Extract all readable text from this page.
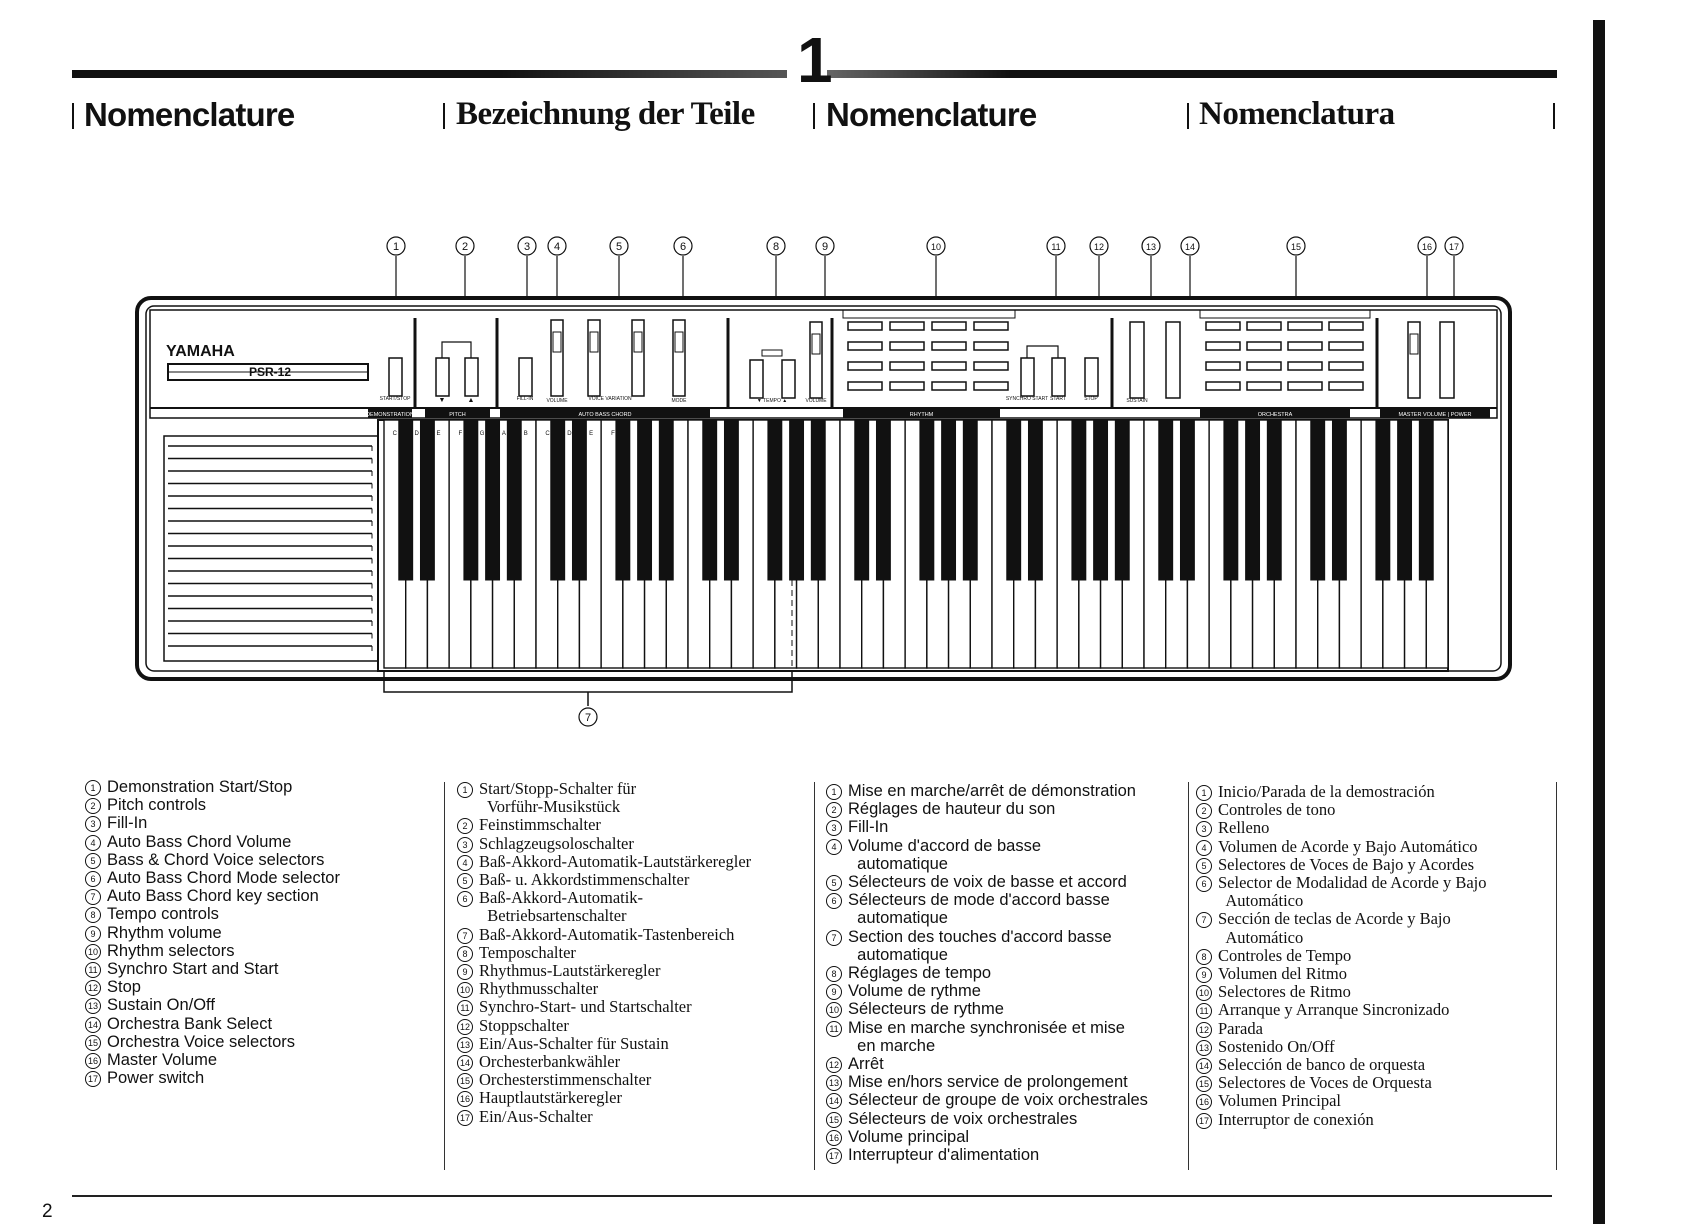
1
Nomenclature	Bezeichnung der Teile Nomenclature	Nomenclatura
1	2	3 4	5	6	8	9	10	11	12	13	14	15	16 17
YAMAHA
PSR-12
START/STOP
DEMONSTRATION
▼	▲
PITCH
FILL-IN	VOLUME	VOICE VARIATION	MODE
AUTO BASS CHORD
▼ TEMPO ▲	VOLUME
RHYTHM
SYNCHRO START START	STOP	SUSTAIN
ORCHESTRA	MASTER VOLUME | POWER
C	D	E	F	G	A	B	C	D	E	F
7
1 Demonstration Start/Stop
2 Pitch controls
3 Fill-In
4 Auto Bass Chord Volume
5 Bass & Chord Voice selectors
6 Auto Bass Chord Mode selector
7 Auto Bass Chord key section
8 Tempo controls
9 Rhythm volume
10 Rhythm selectors
11 Synchro Start and Start
12 Stop
13 Sustain On/Off
14 Orchestra Bank Select
15 Orchestra Voice selectors
16 Master Volume
17 Power switch
1 Start/Stopp-Schalter für
Vorführ-Musikstück
2 Feinstimmschalter
3 Schlagzeugsoloschalter
4 Baß-Akkord-Automatik-Lautstärkeregler
5 Baß- u. Akkordstimmenschalter
6 Baß-Akkord-Automatik-
Betriebsartenschalter
7 Baß-Akkord-Automatik-Tastenbereich
8 Temposchalter
9 Rhythmus-Lautstärkeregler
10 Rhythmusschalter
11 Synchro-Start- und Startschalter
12 Stoppschalter
13 Ein/Aus-Schalter für Sustain
14 Orchesterbankwähler
15 Orchesterstimmenschalter
16 Hauptlautstärkeregler
17 Ein/Aus-Schalter
1 Mise en marche/arrêt de démonstration
2 Réglages de hauteur du son
3 Fill-In
4 Volume d'accord de basse
automatique
5 Sélecteurs de voix de basse et accord
6 Sélecteurs de mode d'accord basse
automatique
7 Section des touches d'accord basse
automatique
8 Réglages de tempo
9 Volume de rythme
10 Sélecteurs de rythme
11 Mise en marche synchronisée et mise
en marche
12 Arrêt
13 Mise en/hors service de prolongement
14 Sélecteur de groupe de voix orchestrales
15 Sélecteurs de voix orchestrales
16 Volume principal
17 Interrupteur d'alimentation
1 Inicio/Parada de la demostración
2 Controles de tono
3 Relleno
4 Volumen de Acorde y Bajo Automático
5 Selectores de Voces de Bajo y Acordes
6 Selector de Modalidad de Acorde y Bajo
Automático
7 Sección de teclas de Acorde y Bajo
Automático
8 Controles de Tempo
9 Volumen del Ritmo
10 Selectores de Ritmo
11 Arranque y Arranque Sincronizado
12 Parada
13 Sostenido On/Off
14 Selección de banco de orquesta
15 Selectores de Voces de Orquesta
16 Volumen Principal
17 Interruptor de conexión
2
